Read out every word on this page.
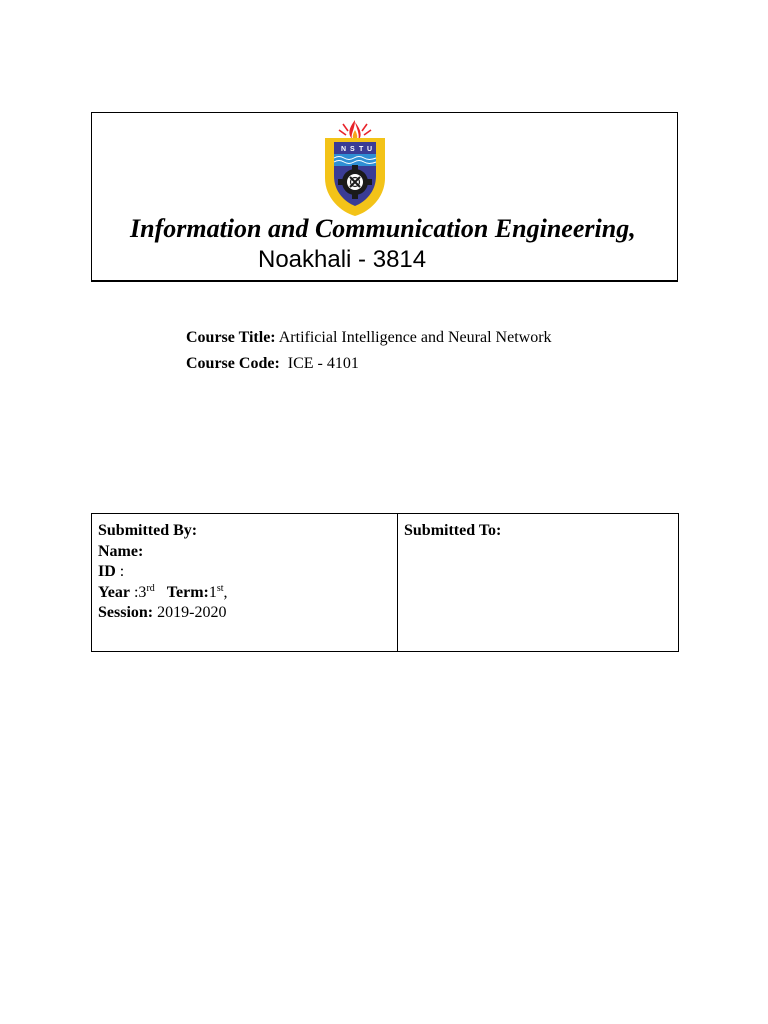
N S T U
Information and Communication Engineering,
Noakhali - 3814
Course Title: Artificial Intelligence and Neural Network
Course Code:  ICE - 4101
Submitted By:
Name:
ID :
Year :3rd Term:1st,
Session: 2019-2020

Submitted To:
